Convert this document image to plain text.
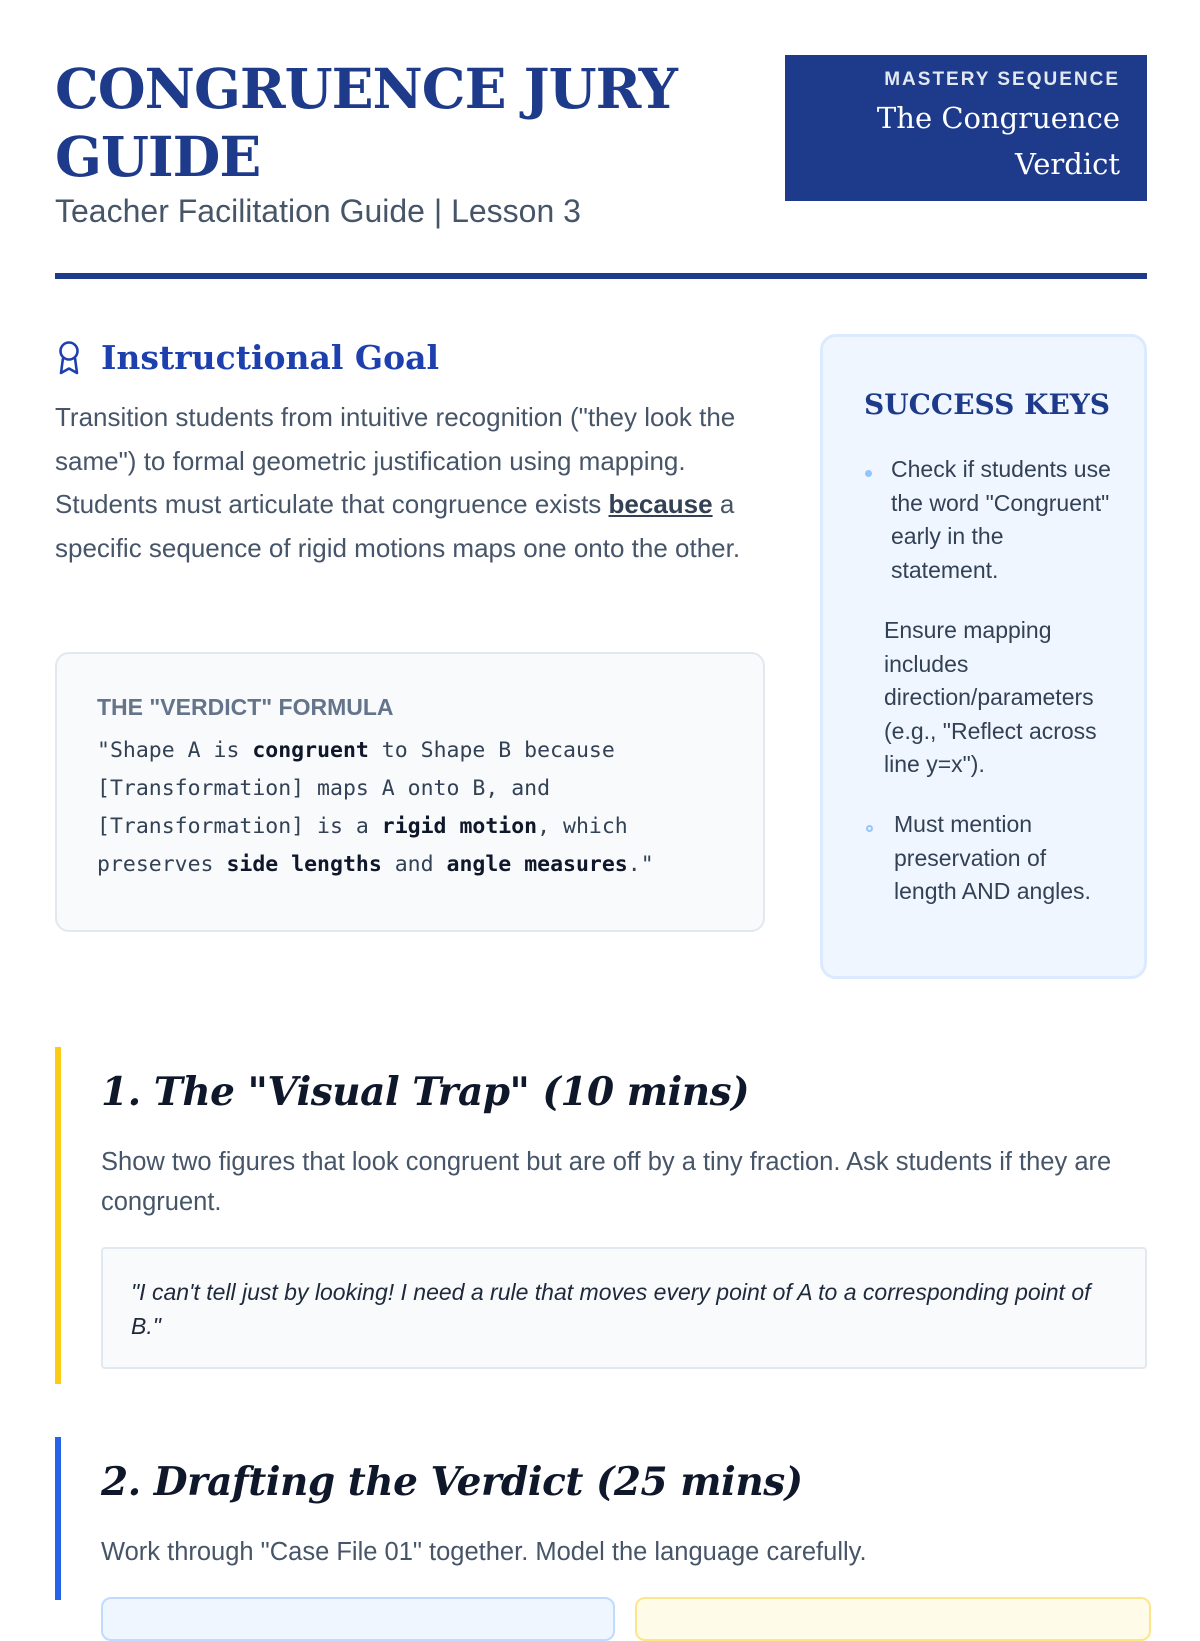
CONGRUENCE JURY GUIDE
Teacher Facilitation Guide | Lesson 3
MASTERY SEQUENCE
The Congruence Verdict
Instructional Goal

Transition students from intuitive recognition ("they look the same") to formal geometric justification using mapping. Students must articulate that congruence exists because a specific sequence of rigid motions maps one onto the other.

THE "VERDICT" FORMULA

"Shape A is congruent to Shape B because [Transformation] maps A onto B, and [Transformation] is a rigid motion, which preserves side lengths and angle measures."

SUCCESS KEYS
Check if students use the word "Congruent" early in the statement.
Ensure mapping includes direction/parameters (e.g., "Reflect across line y=x").
Must mention preservation of length AND angles.
1. The "Visual Trap" (10 mins)

Show two figures that look congruent but are off by a tiny fraction. Ask students if they are congruent.

"I can't tell just by looking! I need a rule that moves every point of A to a corresponding point of B."

2. Drafting the Verdict (25 mins)

Work through "Case File 01" together. Model the language carefully.
